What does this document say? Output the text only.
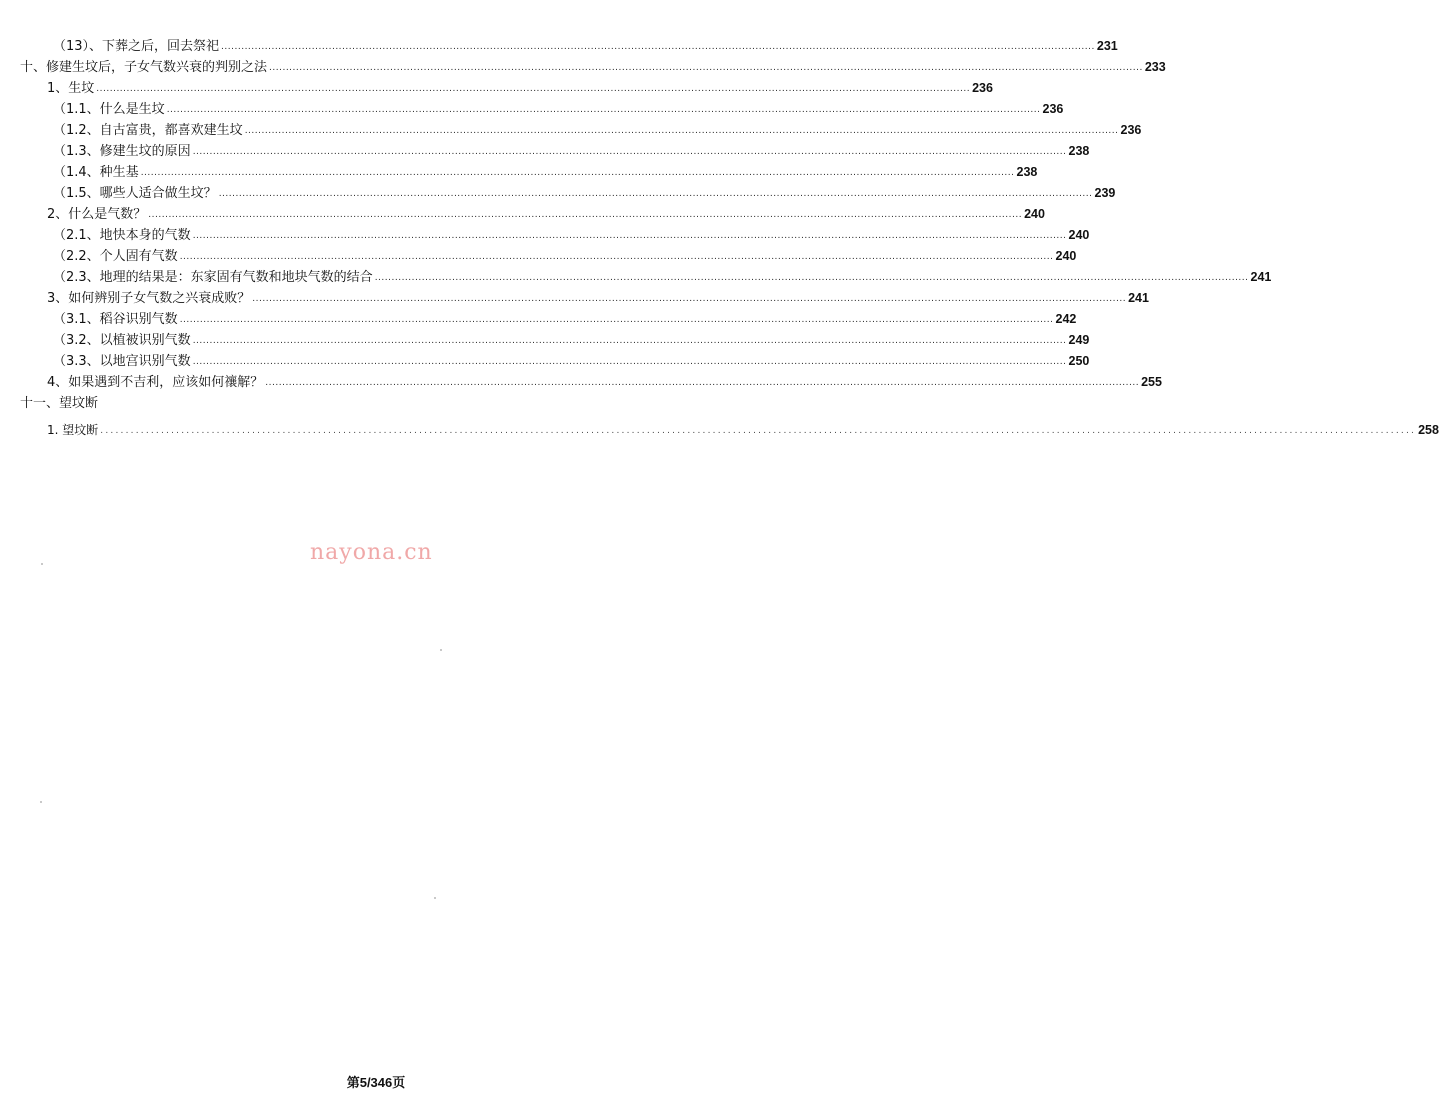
（13）、下葬之后，回去祭祀 .................................................................................................................................................................................................................................................................... 231
十、修建生坟后，子女气数兴衰的判别之法 .................................................................................................................................................................................................................................................................... 233
1、生坟 .................................................................................................................................................................................................................................................................... 236
（1.1、什么是生坟 .................................................................................................................................................................................................................................................................... 236
（1.2、自古富贵，都喜欢建生坟 .................................................................................................................................................................................................................................................................... 236
（1.3、修建生坟的原因 .................................................................................................................................................................................................................................................................... 238
（1.4、种生基 .................................................................................................................................................................................................................................................................... 238
（1.5、哪些人适合做生坟？ .................................................................................................................................................................................................................................................................... 239
2、什么是气数？ .................................................................................................................................................................................................................................................................... 240
（2.1、地快本身的气数 .................................................................................................................................................................................................................................................................... 240
（2.2、个人固有气数 .................................................................................................................................................................................................................................................................... 240
（2.3、地理的结果是：东家固有气数和地块气数的结合 .................................................................................................................................................................................................................................................................... 241
3、如何辨别子女气数之兴衰成败？ .................................................................................................................................................................................................................................................................... 241
（3.1、稻谷识别气数 .................................................................................................................................................................................................................................................................... 242
（3.2、以植被识别气数 .................................................................................................................................................................................................................................................................... 249
（3.3、以地宫识别气数 .................................................................................................................................................................................................................................................................... 250
4、如果遇到不吉利，应该如何禳解？ .................................................................................................................................................................................................................................................................... 255
十一、望坟断
1. 望坟断 .................................................................................................................................................................................................................................................................... 258
nayona.cn
第5/346页
